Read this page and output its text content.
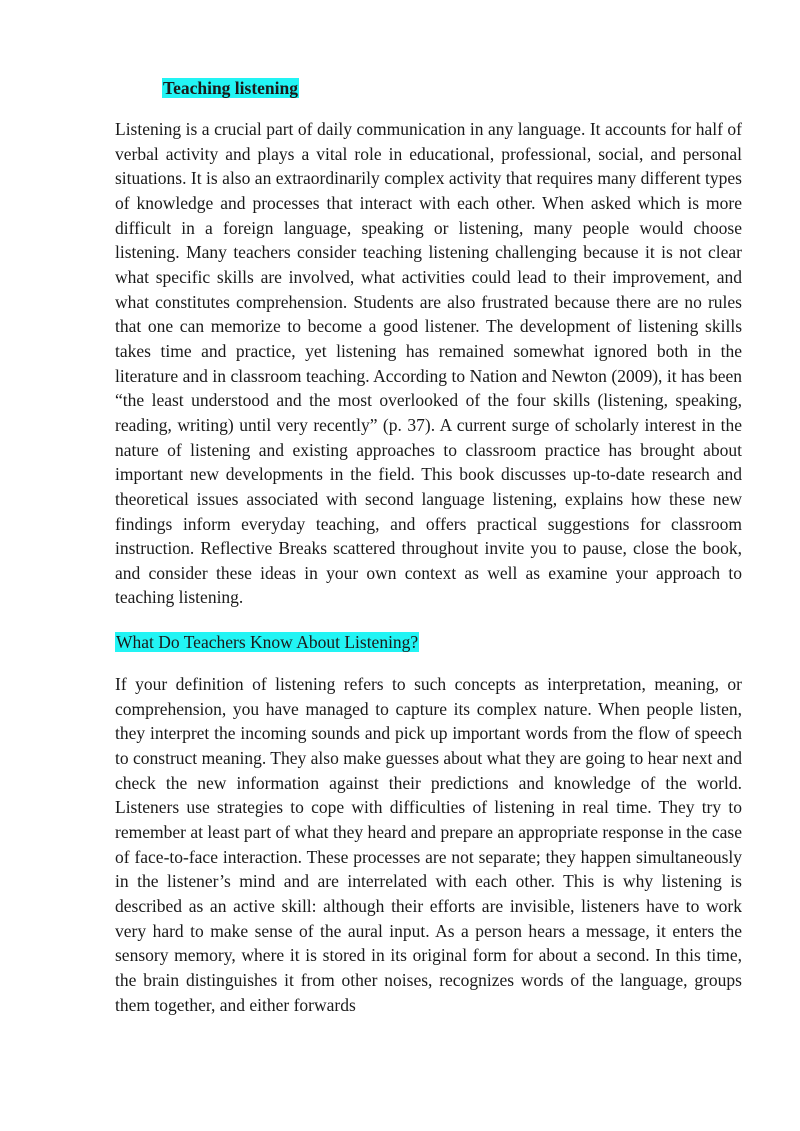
Teaching listening

Listening is a crucial part of daily communication in any language. It accounts for half of verbal activity and plays a vital role in educational, professional, social, and personal situations. It is also an extraordinarily complex activity that requires many different types of knowledge and processes that interact with each other. When asked which is more difficult in a foreign language, speaking or listening, many people would choose listening. Many teachers consider teaching listening challenging because it is not clear what specific skills are involved, what activities could lead to their improvement, and what constitutes comprehension. Students are also frustrated because there are no rules that one can memorize to become a good listener. The development of listening skills takes time and practice, yet listening has remained somewhat ignored both in the literature and in classroom teaching. According to Nation and Newton (2009), it has been “the least understood and the most overlooked of the four skills (listening, speaking, reading, writing) until very recently” (p. 37). A current surge of scholarly interest in the nature of listening and existing approaches to classroom practice has brought about important new developments in the field. This book discusses up-to-date research and theoretical issues associated with second language listening, explains how these new findings inform everyday teaching, and offers practical suggestions for classroom instruction. Reflective Breaks scattered throughout invite you to pause, close the book, and consider these ideas in your own context as well as examine your approach to teaching listening.

What Do Teachers Know About Listening?

If your definition of listening refers to such concepts as interpretation, meaning, or comprehension, you have managed to capture its complex nature. When people listen, they interpret the incoming sounds and pick up important words from the flow of speech to construct meaning. They also make guesses about what they are going to hear next and check the new information against their predictions and knowledge of the world. Listeners use strategies to cope with difficulties of listening in real time. They try to remember at least part of what they heard and prepare an appropriate response in the case of face-to-face interaction. These processes are not separate; they happen simultaneously in the listener’s mind and are interrelated with each other. This is why listening is described as an active skill: although their efforts are invisible, listeners have to work very hard to make sense of the aural input. As a person hears a message, it enters the sensory memory, where it is stored in its original form for about a second. In this time, the brain distinguishes it from other noises, recognizes words of the language, groups them together, and either forwards
